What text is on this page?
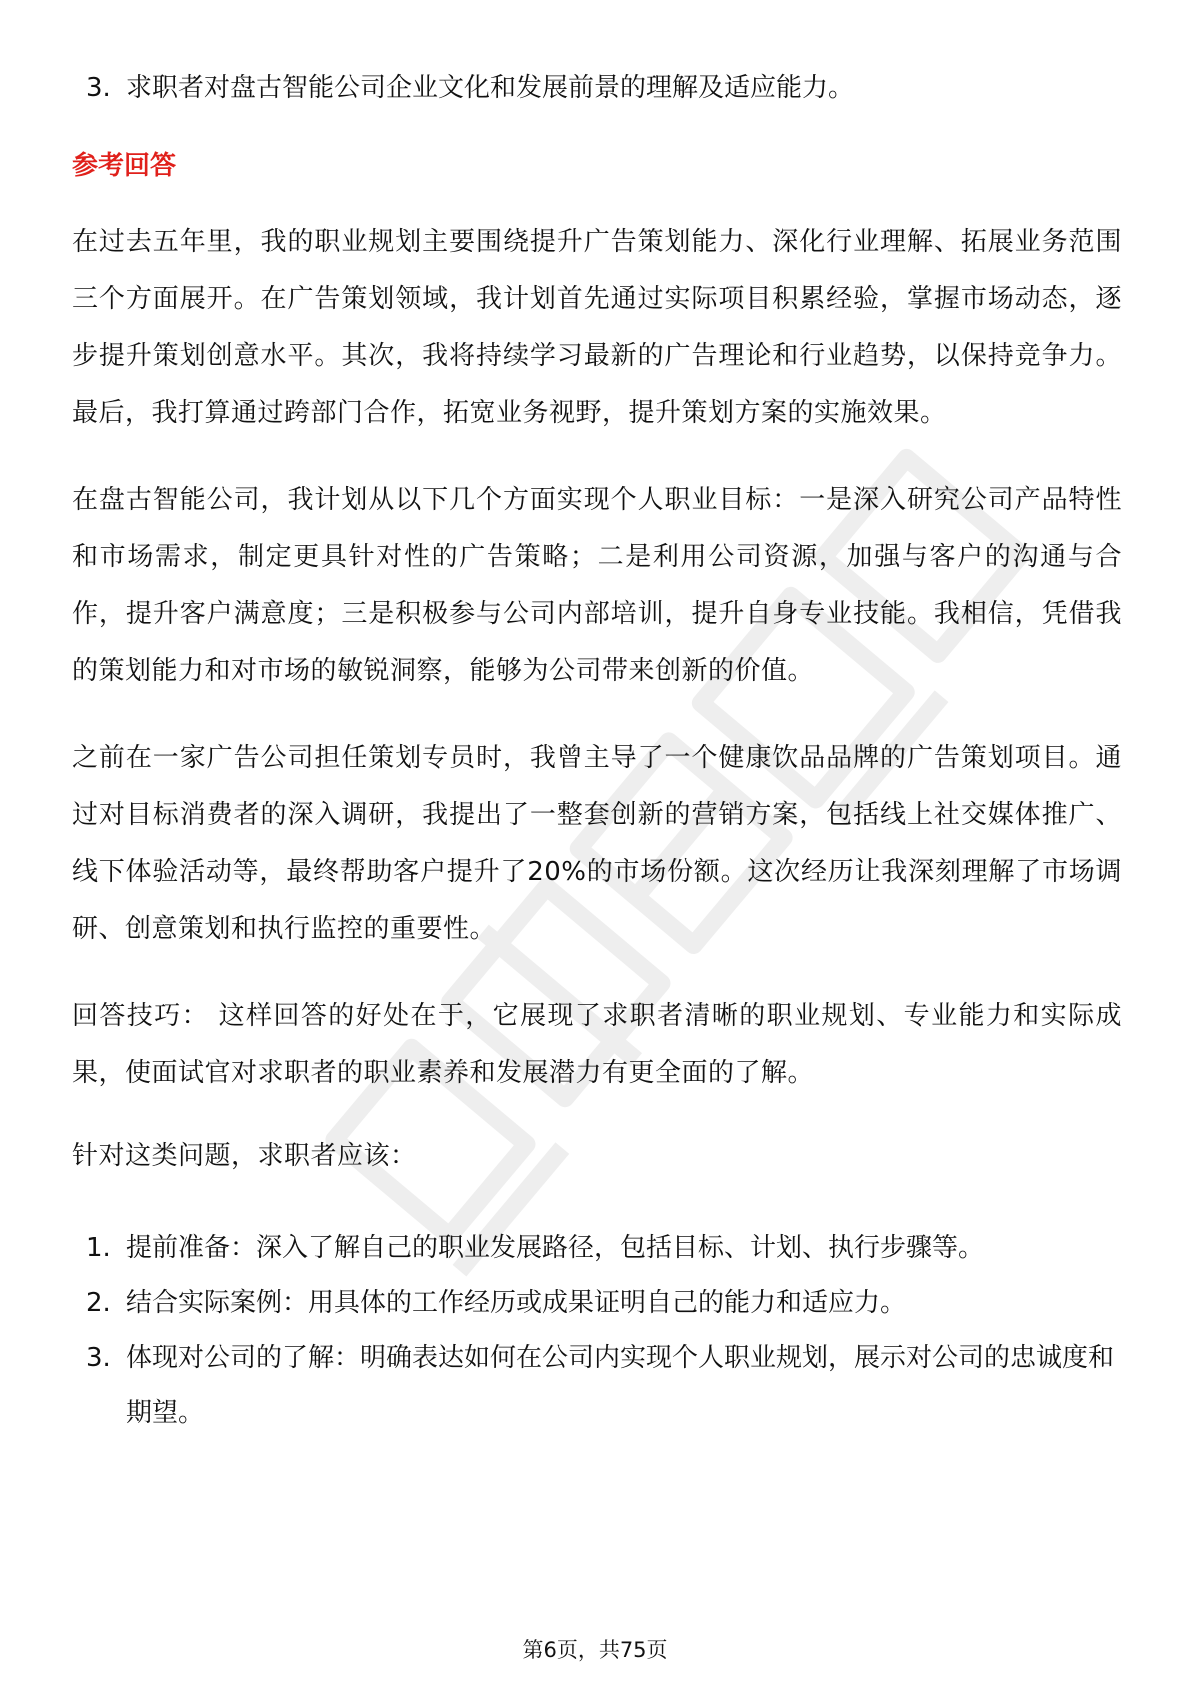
3. 求职者对盘古智能公司企业文化和发展前景的理解及适应能力。
参考回答

在过去五年里，我的职业规划主要围绕提升广告策划能力、深化行业理解、拓展业务范围三个方面展开。在广告策划领域，我计划首先通过实际项目积累经验，掌握市场动态，逐步提升策划创意水平。其次，我将持续学习最新的广告理论和行业趋势，以保持竞争力。最后，我打算通过跨部门合作，拓宽业务视野，提升策划方案的实施效果。

在盘古智能公司，我计划从以下几个方面实现个人职业目标：一是深入研究公司产品特性和市场需求，制定更具针对性的广告策略；二是利用公司资源，加强与客户的沟通与合作，提升客户满意度；三是积极参与公司内部培训，提升自身专业技能。我相信，凭借我的策划能力和对市场的敏锐洞察，能够为公司带来创新的价值。

之前在一家广告公司担任策划专员时，我曾主导了一个健康饮品品牌的广告策划项目。通过对目标消费者的深入调研，我提出了一整套创新的营销方案，包括线上社交媒体推广、线下体验活动等，最终帮助客户提升了20%的市场份额。这次经历让我深刻理解了市场调研、创意策划和执行监控的重要性。

回答技巧： 这样回答的好处在于，它展现了求职者清晰的职业规划、专业能力和实际成果，使面试官对求职者的职业素养和发展潜力有更全面的了解。

针对这类问题，求职者应该：

1. 提前准备：深入了解自己的职业发展路径，包括目标、计划、执行步骤等。
2. 结合实际案例：用具体的工作经历或成果证明自己的能力和适应力。
3. 体现对公司的了解：明确表达如何在公司内实现个人职业规划，展示对公司的忠诚度和期望。
第6页，共75页
